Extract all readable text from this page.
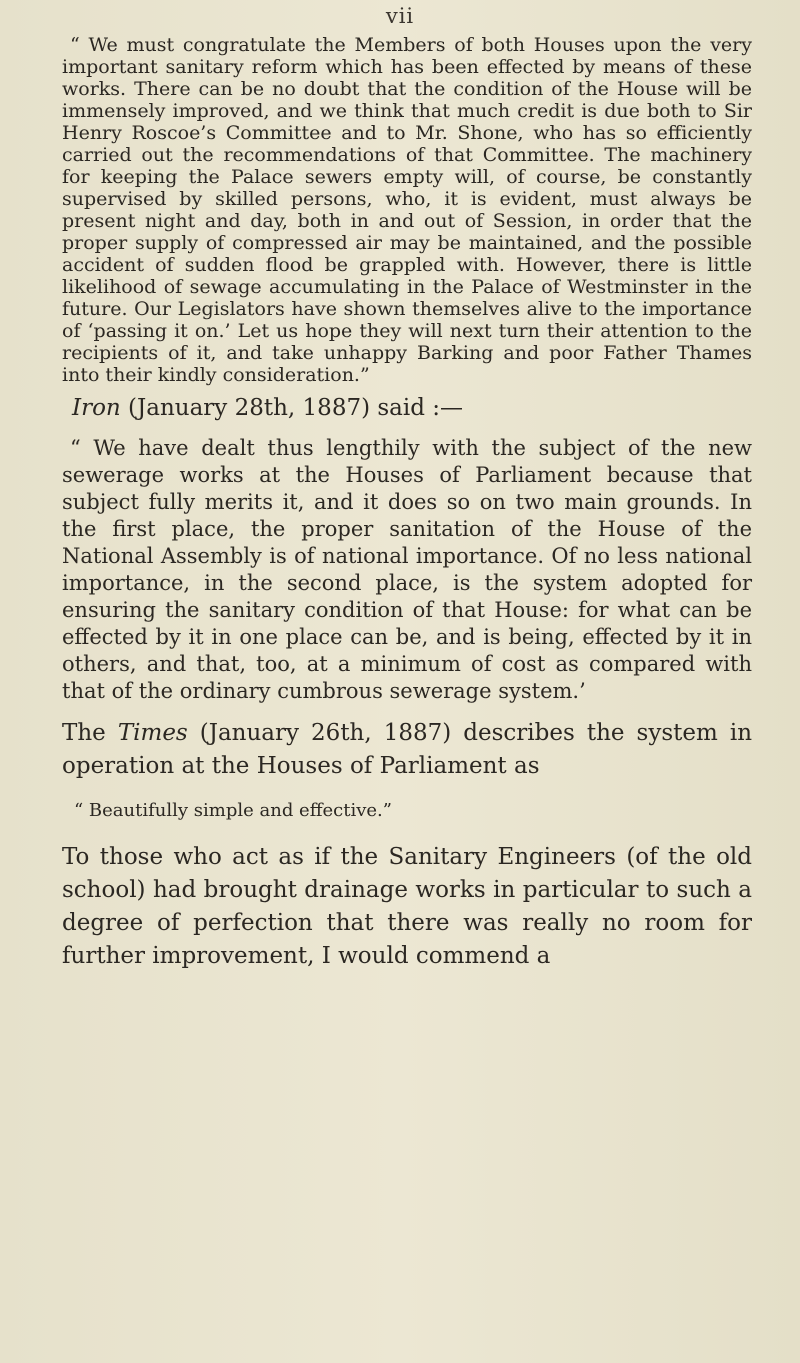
vii

“ We must congratulate the Members of both Houses upon the very important sanitary reform which has been effected by means of these works. There can be no doubt that the condition of the House will be immensely improved, and we think that much credit is due both to Sir Henry Roscoe’s Committee and to Mr. Shone, who has so efficiently carried out the recommendations of that Committee. The machinery for keeping the Palace sewers empty will, of course, be constantly supervised by skilled persons, who, it is evident, must always be present night and day, both in and out of Session, in order that the proper supply of compressed air may be maintained, and the possible accident of sudden flood be grappled with. However, there is little likelihood of sewage accumulating in the Palace of Westminster in the future. Our Legislators have shown themselves alive to the importance of ‘passing it on.’ Let us hope they will next turn their attention to the recipients of it, and take unhappy Barking and poor Father Thames into their kindly consideration.”

Iron (January 28th, 1887) said :—

“ We have dealt thus lengthily with the subject of the new sewerage works at the Houses of Parliament because that subject fully merits it, and it does so on two main grounds. In the first place, the proper sanitation of the House of the National Assembly is of national importance. Of no less national importance, in the second place, is the system adopted for ensuring the sanitary condition of that House: for what can be effected by it in one place can be, and is being, effected by it in others, and that, too, at a minimum of cost as compared with that of the ordinary cumbrous sewerage system.’

The Times (January 26th, 1887) describes the system in operation at the Houses of Parliament as

“ Beautifully simple and effective.”

To those who act as if the Sanitary Engineers (of the old school) had brought drainage works in particular to such a degree of perfection that there was really no room for further improvement, I would commend a
